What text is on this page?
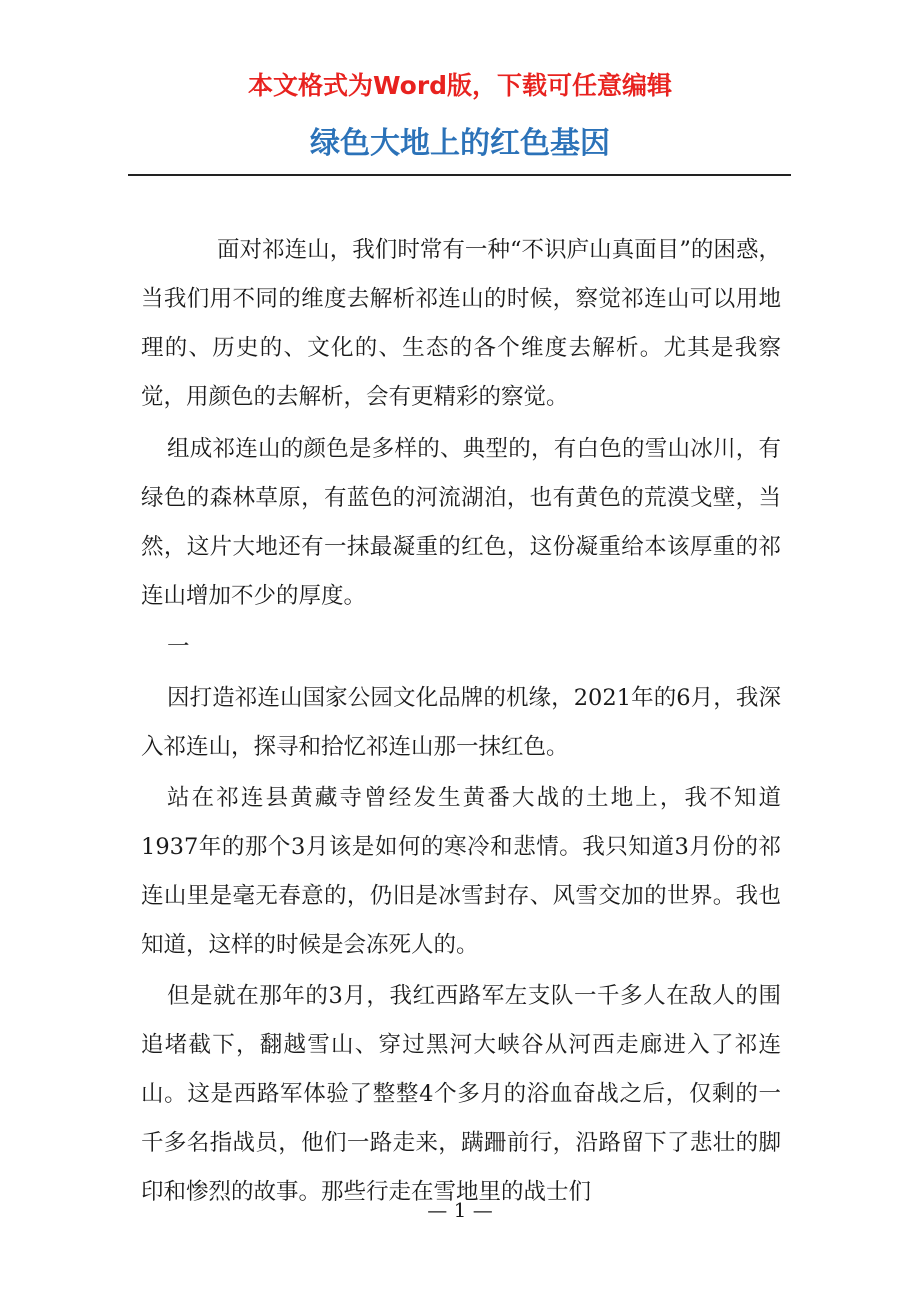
本文格式为Word版，下载可任意编辑
绿色大地上的红色基因

面对祁连山，我们时常有一种“不识庐山真面目”的困惑，当我们用不同的维度去解析祁连山的时候，察觉祁连山可以用地理的、历史的、文化的、生态的各个维度去解析。尤其是我察觉，用颜色的去解析，会有更精彩的察觉。

组成祁连山的颜色是多样的、典型的，有白色的雪山冰川，有绿色的森林草原，有蓝色的河流湖泊，也有黄色的荒漠戈壁，当然，这片大地还有一抹最凝重的红色，这份凝重给本该厚重的祁连山增加不少的厚度。

一

因打造祁连山国家公园文化品牌的机缘，2021年的6月，我深入祁连山，探寻和拾忆祁连山那一抹红色。

站在祁连县黄藏寺曾经发生黄番大战的土地上，我不知道1937年的那个3月该是如何的寒冷和悲情。我只知道3月份的祁连山里是毫无春意的，仍旧是冰雪封存、风雪交加的世界。我也知道，这样的时候是会冻死人的。

但是就在那年的3月，我红西路军左支队一千多人在敌人的围追堵截下，翻越雪山、穿过黑河大峡谷从河西走廊进入了祁连山。这是西路军体验了整整4个多月的浴血奋战之后，仅剩的一千多名指战员，他们一路走来，蹒跚前行，沿路留下了悲壮的脚印和惨烈的故事。那些行走在雪地里的战士们

— 1 —
